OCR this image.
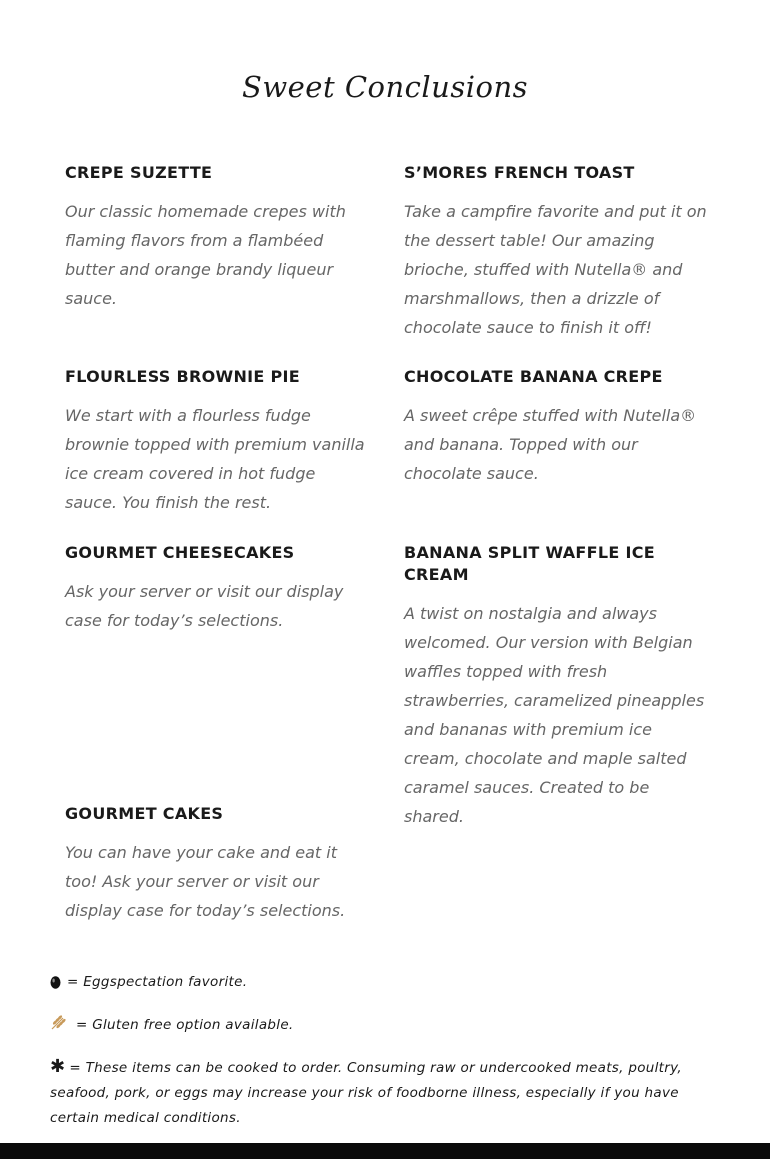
Sweet Conclusions
CREPE SUZETTE
Our classic homemade crepes with flaming flavors from a flambéed butter and orange brandy liqueur sauce.
S’MORES FRENCH TOAST
Take a campfire favorite and put it on the dessert table! Our amazing brioche, stuffed with Nutella® and marshmallows, then a drizzle of chocolate sauce to finish it off!
FLOURLESS BROWNIE PIE
We start with a flourless fudge brownie topped with premium vanilla ice cream covered in hot fudge sauce. You finish the rest.
CHOCOLATE BANANA CREPE
A sweet crêpe stuffed with Nutella® and banana. Topped with our chocolate sauce.
GOURMET CHEESECAKES
Ask your server or visit our display case for today’s selections.
BANANA SPLIT WAFFLE ICE CREAM
A twist on nostalgia and always welcomed. Our version with Belgian waffles topped with fresh strawberries, caramelized pineapples and bananas with premium ice cream, chocolate and maple salted caramel sauces. Created to be shared.
GOURMET CAKES
You can have your cake and eat it too! Ask your server or visit our display case for today’s selections.
= Eggspectation favorite.
= Gluten free option available.
✱ = These items can be cooked to order. Consuming raw or undercooked meats, poultry, seafood, pork, or eggs may increase your risk of foodborne illness, especially if you have certain medical conditions.
